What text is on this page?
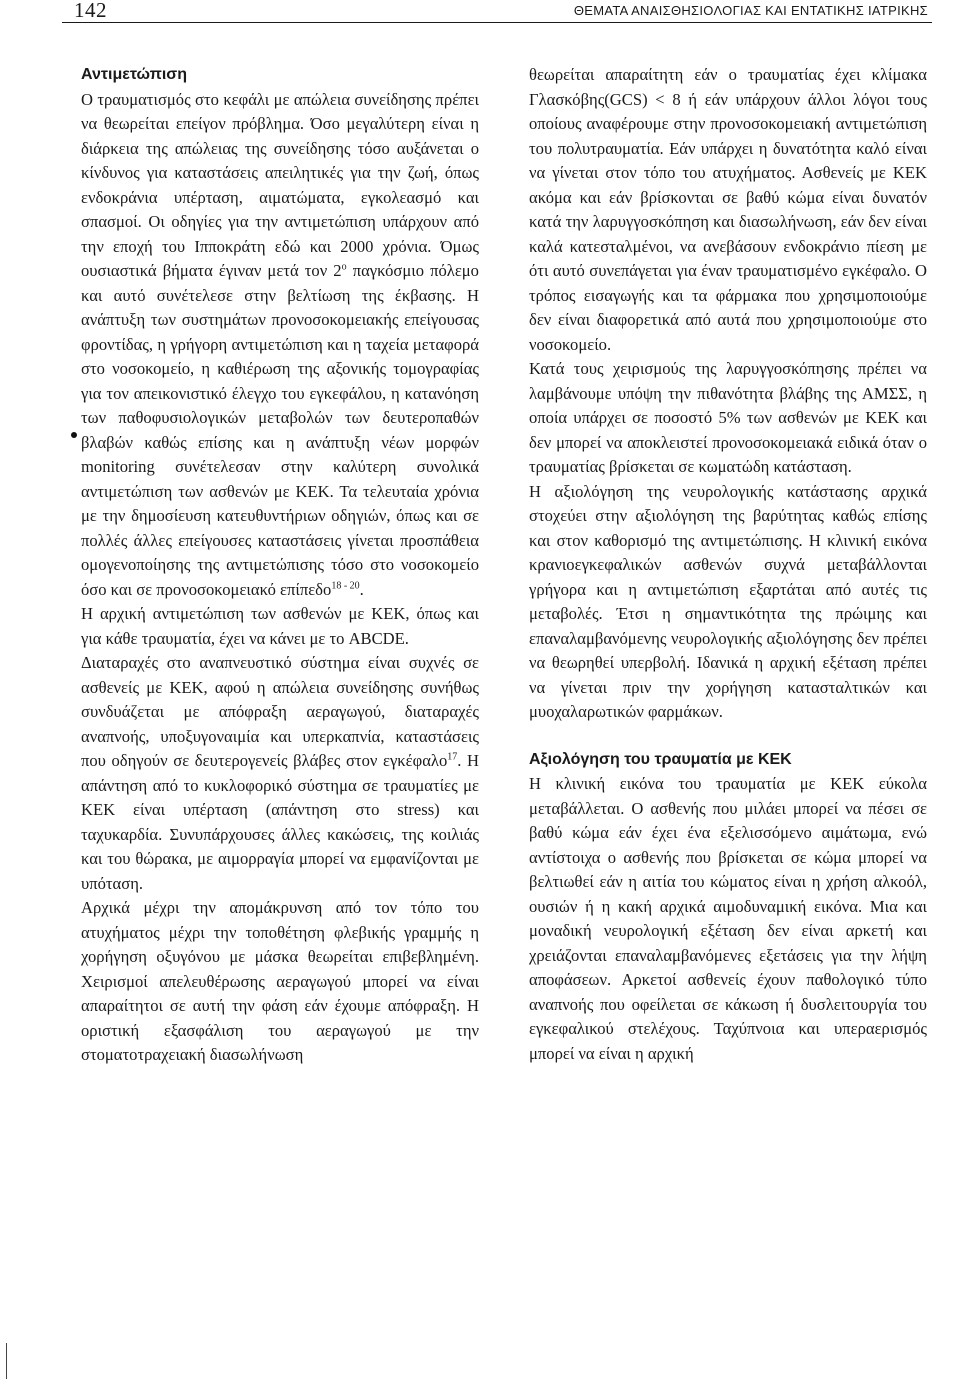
142	ΘΕΜΑΤΑ ΑΝΑΙΣΘΗΣΙΟΛΟΓΙΑΣ ΚΑΙ ΕΝΤΑΤΙΚΗΣ ΙΑΤΡΙΚΗΣ

Αντιμετώπιση

Ο τραυματισμός στο κεφάλι με απώλεια συνείδησης πρέπει να θεωρείται επείγον πρόβλημα. Όσο μεγαλύτερη είναι η διάρκεια της απώλειας της συνείδησης τόσο αυξάνεται ο κίνδυνος για καταστάσεις απειλητικές για την ζωή, όπως ενδοκράνια υπέρταση, αιματώματα, εγκολεασμό και σπασμοί. Οι οδηγίες για την αντιμετώπιση υπάρχουν από την εποχή του Ιπποκράτη εδώ και 2000 χρόνια. Όμως ουσιαστικά βήματα έγιναν μετά τον $2^o$ παγκόσμιο πόλεμο και αυτό συνέτελεσε στην βελτίωση της έκβασης. Η ανάπτυξη των συστημάτων προνοσοκομειακής επείγουσας φροντίδας, η γρήγορη αντιμετώπιση και η ταχεία μεταφορά στο νοσοκομείο, η καθιέρωση της αξονικής τομογραφίας για τον απεικονιστικό έλεγχο του εγκεφάλου, η κατανόηση των παθοφυσιολογικών μεταβολών των δευτεροπαθών βλαβών καθώς επίσης και η ανάπτυξη νέων μορφών monitoring συνέτελεσαν στην καλύτερη συνολικά αντιμετώπιση των ασθενών με ΚΕΚ. Τα τελευταία χρόνια με την δημοσίευση κατευθυντήριων οδηγιών, όπως και σε πολλές άλλες επείγουσες καταστάσεις γίνεται προσπάθεια ομογενοποίησης της αντιμετώπισης τόσο στο νοσοκομείο όσο και σε προνοσοκομειακό επίπεδο$^{18 - 20}$.

Η αρχική αντιμετώπιση των ασθενών με ΚΕΚ, όπως και για κάθε τραυματία, έχει να κάνει με το ABCDE.

Διαταραχές στο αναπνευστικό σύστημα είναι συχνές σε ασθενείς με ΚΕΚ, αφού η απώλεια συνείδησης συνήθως συνδυάζεται με απόφραξη αεραγωγού, διαταραχές αναπνοής, υποξυγοναιμία και υπερκαπνία, καταστάσεις που οδηγούν σε δευτερογενείς βλάβες στον εγκέφαλο$^{17}$. Η απάντηση από το κυκλοφορικό σύστημα σε τραυματίες με ΚΕΚ είναι υπέρταση (απάντηση στο stress) και ταχυκαρδία. Συνυπάρχουσες άλλες κακώσεις, της κοιλιάς και του θώρακα, με αιμορραγία μπορεί να εμφανίζονται με υπόταση.

Αρχικά μέχρι την απομάκρυνση από τον τόπο του ατυχήματος μέχρι την τοποθέτηση φλεβικής γραμμής η χορήγηση οξυγόνου με μάσκα θεωρείται επιβεβλημένη. Χειρισμοί απελευθέρωσης αεραγωγού μπορεί να είναι απαραίτητοι σε αυτή την φάση εάν έχουμε απόφραξη. Η οριστική εξασφάλιση του αεραγωγού με την στοματοτραχειακή διασωλήνωση

θεωρείται απαραίτητη εάν ο τραυματίας έχει κλίμακα Γλασκόβης(GCS) < 8 ή εάν υπάρχουν άλλοι λόγοι τους οποίους αναφέρουμε στην προνοσοκομειακή αντιμετώπιση του πολυτραυματία. Εάν υπάρχει η δυνατότητα καλό είναι να γίνεται στον τόπο του ατυχήματος. Ασθενείς με ΚΕΚ ακόμα και εάν βρίσκονται σε βαθύ κώμα είναι δυνατόν κατά την λαρυγγοσκόπηση και διασωλήνωση, εάν δεν είναι καλά κατεσταλμένοι, να ανεβάσουν ενδοκράνιο πίεση με ότι αυτό συνεπάγεται για έναν τραυματισμένο εγκέφαλο. Ο τρόπος εισαγωγής και τα φάρμακα που χρησιμοποιούμε δεν είναι διαφορετικά από αυτά που χρησιμοποιούμε στο νοσοκομείο.

Κατά τους χειρισμούς της λαρυγγοσκόπησης πρέπει να λαμβάνουμε υπόψη την πιθανότητα βλάβης της ΑΜΣΣ, η οποία υπάρχει σε ποσοστό 5% των ασθενών με ΚΕΚ και δεν μπορεί να αποκλειστεί προνοσοκομειακά ειδικά όταν ο τραυματίας βρίσκεται σε κωματώδη κατάσταση.

Η αξιολόγηση της νευρολογικής κατάστασης αρχικά στοχεύει στην αξιολόγηση της βαρύτητας καθώς επίσης και στον καθορισμό της αντιμετώπισης. Η κλινική εικόνα κρανιοεγκεφαλικών ασθενών συχνά μεταβάλλονται γρήγορα και η αντιμετώπιση εξαρτάται από αυτές τις μεταβολές. Έτσι η σημαντικότητα της πρώιμης και επαναλαμβανόμενης νευρολογικής αξιολόγησης δεν πρέπει να θεωρηθεί υπερβολή. Ιδανικά η αρχική εξέταση πρέπει να γίνεται πριν την χορήγηση κατασταλτικών και μυοχαλαρωτικών φαρμάκων.

Αξιολόγηση του τραυματία με ΚΕΚ

Η κλινική εικόνα του τραυματία με ΚΕΚ εύκολα μεταβάλλεται. Ο ασθενής που μιλάει μπορεί να πέσει σε βαθύ κώμα εάν έχει ένα εξελισσόμενο αιμάτωμα, ενώ αντίστοιχα ο ασθενής που βρίσκεται σε κώμα μπορεί να βελτιωθεί εάν η αιτία του κώματος είναι η χρήση αλκοόλ, ουσιών ή η κακή αρχικά αιμοδυναμική εικόνα. Μια και μοναδική νευρολογική εξέταση δεν είναι αρκετή και χρειάζονται επαναλαμβανόμενες εξετάσεις για την λήψη αποφάσεων. Αρκετοί ασθενείς έχουν παθολογικό τύπο αναπνοής που οφείλεται σε κάκωση ή δυσλειτουργία του εγκεφαλικού στελέχους. Ταχύπνοια και υπεραερισμός μπορεί να είναι η αρχική
